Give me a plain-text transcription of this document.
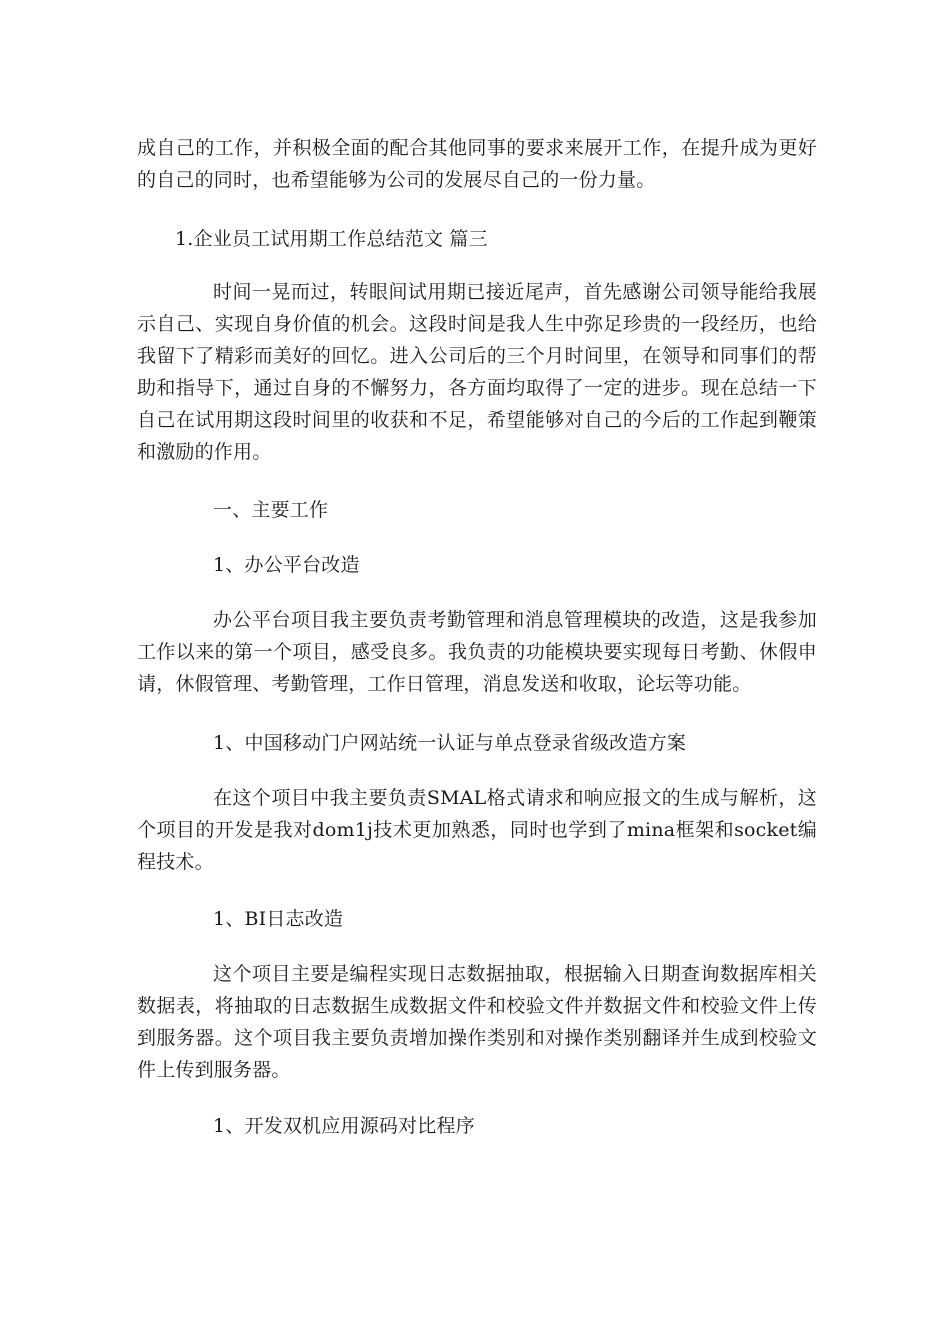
成自己的工作，并积极全面的配合其他同事的要求来展开工作，在提升成为更好的自己的同时，也希望能够为公司的发展尽自己的一份力量。

1.企业员工试用期工作总结范文 篇三

时间一晃而过，转眼间试用期已接近尾声，首先感谢公司领导能给我展示自己、实现自身价值的机会。这段时间是我人生中弥足珍贵的一段经历，也给我留下了精彩而美好的回忆。进入公司后的三个月时间里，在领导和同事们的帮助和指导下，通过自身的不懈努力，各方面均取得了一定的进步。现在总结一下自己在试用期这段时间里的收获和不足，希望能够对自己的今后的工作起到鞭策和激励的作用。

一、主要工作

1、办公平台改造

办公平台项目我主要负责考勤管理和消息管理模块的改造，这是我参加工作以来的第一个项目，感受良多。我负责的功能模块要实现每日考勤、休假申请，休假管理、考勤管理，工作日管理，消息发送和收取，论坛等功能。

1、中国移动门户网站统一认证与单点登录省级改造方案

在这个项目中我主要负责SMAL格式请求和响应报文的生成与解析，这个项目的开发是我对dom1j技术更加熟悉，同时也学到了mina框架和socket编程技术。

1、BI日志改造

这个项目主要是编程实现日志数据抽取，根据输入日期查询数据库相关数据表，将抽取的日志数据生成数据文件和校验文件并数据文件和校验文件上传到服务器。这个项目我主要负责增加操作类别和对操作类别翻译并生成到校验文件上传到服务器。

1、开发双机应用源码对比程序
